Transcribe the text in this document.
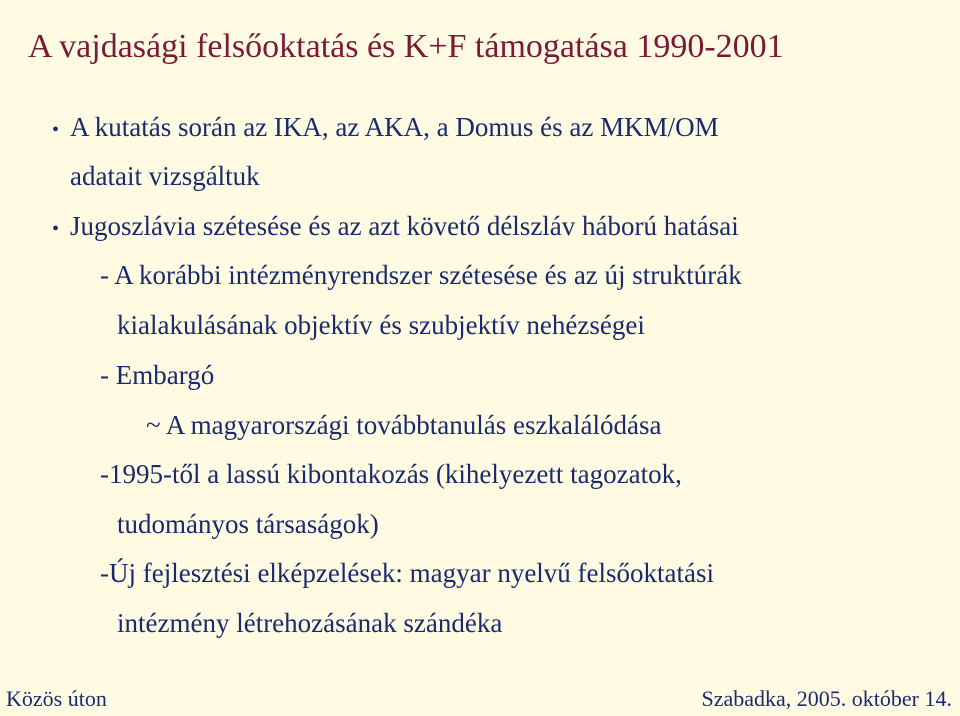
A vajdasági felsőoktatás és K+F támogatása 1990-2001
• A kutatás során az IKA, az AKA, a Domus és az MKM/OM
adatait vizsgáltuk
• Jugoszlávia szétesése és az azt követő délszláv háború hatásai
- A korábbi intézményrendszer szétesése és az új struktúrák
kialakulásának objektív és szubjektív nehézségei
- Embargó
~ A magyarországi továbbtanulás eszkalálódása
-1995-től a lassú kibontakozás (kihelyezett tagozatok,
tudományos társaságok)
-Új fejlesztési elképzelések: magyar nyelvű felsőoktatási
intézmény létrehozásának szándéka
Közös úton	Szabadka, 2005. október 14.
